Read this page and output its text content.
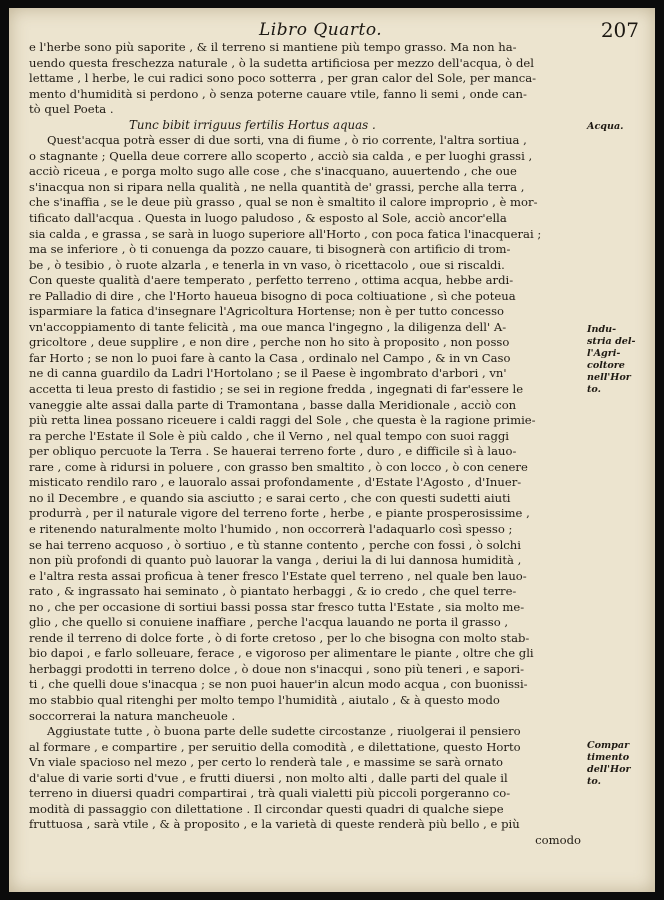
Libro Quarto.	207
e l'herbe sono più saporite , & il terreno si mantiene più tempo grasso. Ma non ha-
uendo questa freschezza naturale , ò la sudetta artificiosa per mezzo dell'acqua, ò del
lettame , l herbe, le cui radici sono poco sotterra , per gran calor del Sole, per manca-
mento d'humidità si perdono , ò senza poterne cauare vtile, fanno li semi , onde can-
tò quel Poeta .
Tunc bibit irriguus fertilis Hortus aquas .
Quest'acqua potrà esser di due sorti, vna di fiume , ò rio corrente, l'altra sortiua ,
o stagnante ; Quella deue correre allo scoperto , acciò sia calda , e per luoghi grassi ,
acciò riceua , e porga molto sugo alle cose , che s'inacquano, auuertendo , che oue
s'inacqua non si ripara nella qualità , ne nella quantità de' grassi, perche alla terra ,
che s'inaffia , se le deue più grasso , qual se non è smaltito il calore improprio , è mor-
tificato dall'acqua . Questa in luogo paludoso , & esposto al Sole, acciò ancor'ella
sia calda , e grassa , se sarà in luogo superiore all'Horto , con poca fatica l'inacquerai ;
ma se inferiore , ò ti conuenga da pozzo cauare, ti bisognerà con artificio di trom-
be , ò tesibio , ò ruote alzarla , e tenerla in vn vaso, ò ricettacolo , oue si riscaldi.
Con queste qualità d'aere temperato , perfetto terreno , ottima acqua, hebbe ardi-
re Palladio di dire , che l'Horto haueua bisogno di poca coltiuatione , sì che poteua
isparmiare la fatica d'insegnare l'Agricoltura Hortense; non è per tutto concesso
vn'accoppiamento di tante felicità , ma oue manca l'ingegno , la diligenza dell' A-
gricoltore , deue supplire , e non dire , perche non ho sito à proposito , non posso
far Horto ; se non lo puoi fare à canto la Casa , ordinalo nel Campo , & in vn Caso
ne di canna guardilo da Ladri l'Hortolano ; se il Paese è ingombrato d'arbori , vn'
accetta ti leua presto di fastidio ; se sei in regione fredda , ingegnati di far'essere le
vaneggie alte assai dalla parte di Tramontana , basse dalla Meridionale , acciò con
più retta linea possano riceuere i caldi raggi del Sole , che questa è la ragione primie-
ra perche l'Estate il Sole è più caldo , che il Verno , nel qual tempo con suoi raggi
per obliquo percuote la Terra . Se hauerai terreno forte , duro , e difficile sì à lauo-
rare , come à ridursi in poluere , con grasso ben smaltito , ò con locco , ò con cenere
misticato rendilo raro , e lauoralo assai profondamente , d'Estate l'Agosto , d'Inuer-
no il Decembre , e quando sia asciutto ; e sarai certo , che con questi sudetti aiuti
produrrà , per il naturale vigore del terreno forte , herbe , e piante prosperosissime ,
e ritenendo naturalmente molto l'humido , non occorrerà l'adaquarlo così spesso ;
se hai terreno acquoso , ò sortiuo , e tù stanne contento , perche con fossi , ò solchi
non più profondi di quanto può lauorar la vanga , deriui la di lui dannosa humidità ,
e l'altra resta assai proficua à tener fresco l'Estate quel terreno , nel quale ben lauo-
rato , & ingrassato hai seminato , ò piantato herbaggi , & io credo , che quel terre-
no , che per occasione di sortiui bassi possa star fresco tutta l'Estate , sia molto me-
glio , che quello si conuiene inaffiare , perche l'acqua lauando ne porta il grasso ,
rende il terreno di dolce forte , ò di forte cretoso , per lo che bisogna con molto stab-
bio dapoi , e farlo solleuare, ferace , e vigoroso per alimentare le piante , oltre che gli
herbaggi prodotti in terreno dolce , ò doue non s'inacqui , sono più teneri , e sapori-
ti , che quelli doue s'inacqua ; se non puoi hauer'in alcun modo acqua , con buonissi-
mo stabbio qual ritenghi per molto tempo l'humidità , aiutalo , & à questo modo
soccorrerai la natura mancheuole .
Aggiustate tutte , ò buona parte delle sudette circostanze , riuolgerai il pensiero
al formare , e compartire , per seruitio della comodità , e dilettatione, questo Horto
Vn viale spacioso nel mezo , per certo lo renderà tale , e massime se sarà ornato
d'alue di varie sorti d'vue , e frutti diuersi , non molto alti , dalle parti del quale il
terreno in diuersi quadri compartirai , trà quali vialetti più piccoli porgeranno co-
modità di passaggio con dilettatione . Il circondar questi quadri di qualche siepe
fruttuosa , sarà vtile , & à proposito , e la varietà di queste renderà più bello , e più
comodo
Acqua.
Indu-
stria del-
l'Agri-
coltore
nell'Hor
to.
Compar
timento
dell'Hor
to.
